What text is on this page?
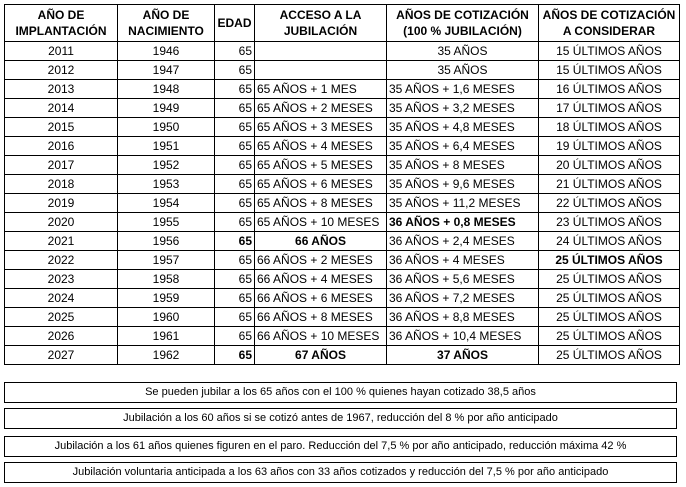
AÑO DE IMPLANTACIÓN	AÑO DE NACIMIENTO	EDAD	ACCESO A LA JUBILACIÓN	AÑOS DE COTIZACIÓN (100 % JUBILACIÓN)	AÑOS DE COTIZACIÓN A CONSIDERAR
2011	1946	65		35 AÑOS	15 ÚLTIMOS AÑOS
2012	1947	65		35 AÑOS	15 ÚLTIMOS AÑOS
2013	1948	65	65 AÑOS + 1 MES	35 AÑOS + 1,6 MESES	16 ÚLTIMOS AÑOS
2014	1949	65	65 AÑOS + 2 MESES	35 AÑOS + 3,2 MESES	17 ÚLTIMOS AÑOS
2015	1950	65	65 AÑOS + 3 MESES	35 AÑOS + 4,8 MESES	18 ÚLTIMOS AÑOS
2016	1951	65	65 AÑOS + 4 MESES	35 AÑOS + 6,4 MESES	19 ÚLTIMOS AÑOS
2017	1952	65	65 AÑOS + 5 MESES	35 AÑOS + 8 MESES	20 ÚLTIMOS AÑOS
2018	1953	65	65 AÑOS + 6 MESES	35 AÑOS + 9,6 MESES	21 ÚLTIMOS AÑOS
2019	1954	65	65 AÑOS + 8 MESES	35 AÑOS + 11,2 MESES	22 ÚLTIMOS AÑOS
2020	1955	65	65 AÑOS + 10 MESES	36 AÑOS + 0,8 MESES	23 ÚLTIMOS AÑOS
2021	1956	65	66 AÑOS	36 AÑOS + 2,4 MESES	24 ÚLTIMOS AÑOS
2022	1957	65	66 AÑOS + 2 MESES	36 AÑOS + 4 MESES	25 ÚLTIMOS AÑOS
2023	1958	65	66 AÑOS + 4 MESES	36 AÑOS + 5,6 MESES	25 ÚLTIMOS AÑOS
2024	1959	65	66 AÑOS + 6 MESES	36 AÑOS + 7,2 MESES	25 ÚLTIMOS AÑOS
2025	1960	65	66 AÑOS + 8 MESES	36 AÑOS + 8,8 MESES	25 ÚLTIMOS AÑOS
2026	1961	65	66 AÑOS + 10 MESES	36 AÑOS + 10,4 MESES	25 ÚLTIMOS AÑOS
2027	1962	65	67 AÑOS	37 AÑOS	25 ÚLTIMOS AÑOS
Se pueden jubilar a los 65 años con el 100 % quienes hayan cotizado 38,5 años
Jubilación a los 60 años si se cotizó antes de 1967, reducción del 8 % por año anticipado
Jubilación a los 61 años quienes figuren en el paro. Reducción del 7,5 % por año anticipado, reducción máxima 42 %
Jubilación voluntaria anticipada a los 63 años con 33 años cotizados y reducción del 7,5 % por año anticipado
